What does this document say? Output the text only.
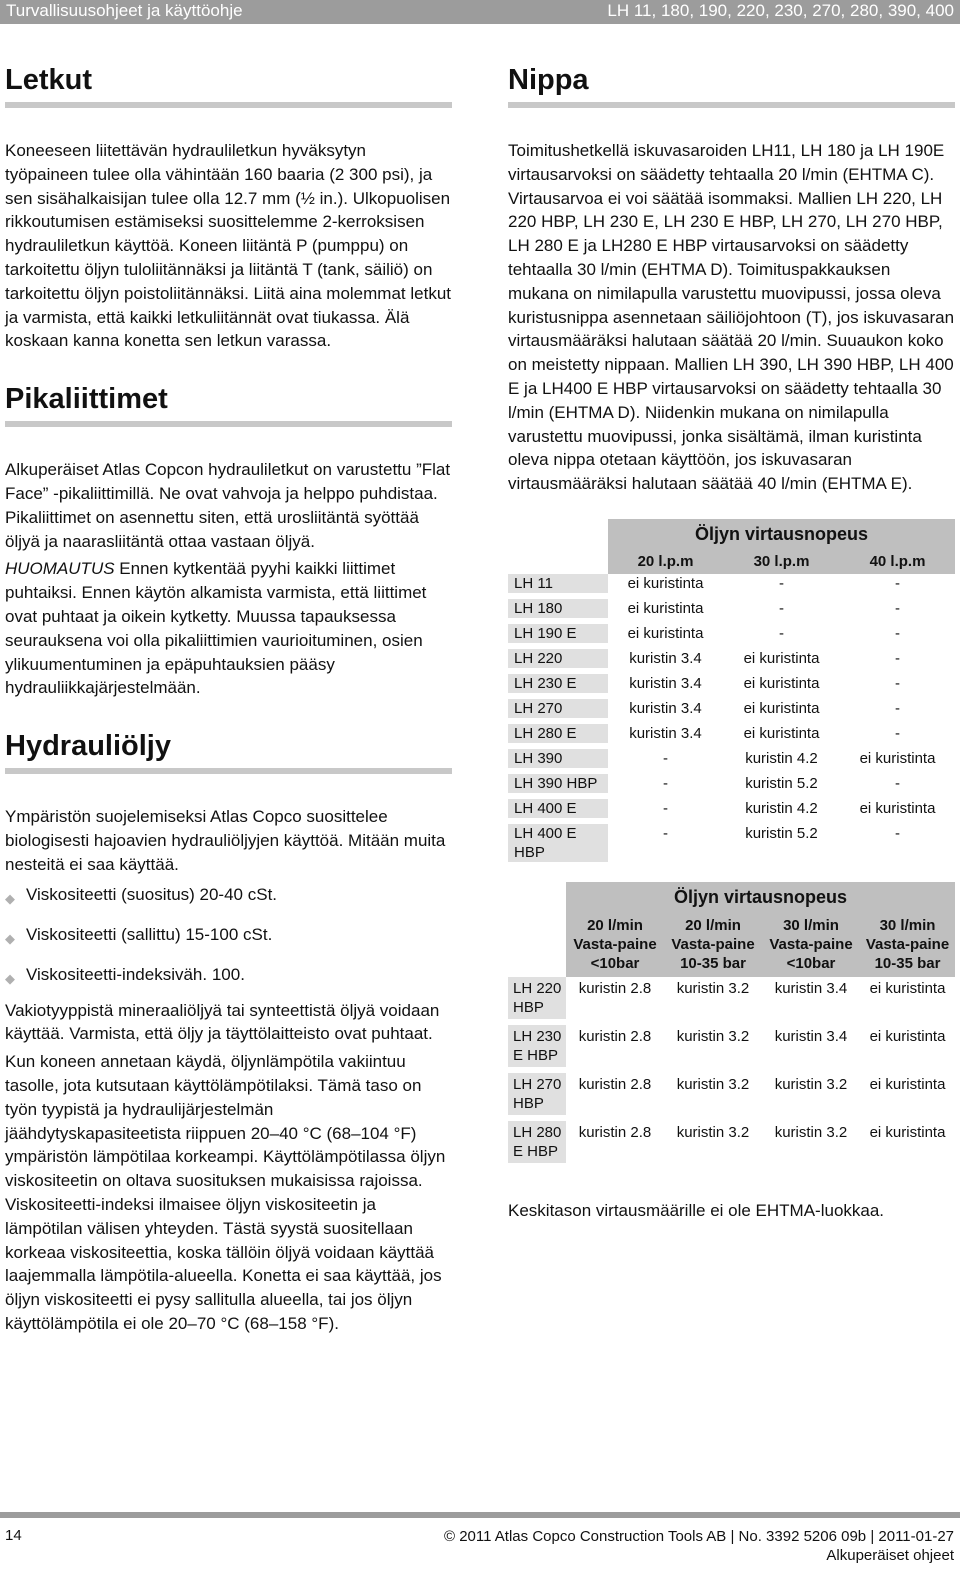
Turvallisuusohjeet ja käyttöohje	LH 11, 180, 190, 220, 230, 270, 280, 390, 400
Letkut

Koneeseen liitettävän hydrauliletkun hyväksytyn työpaineen tulee olla vähintään 160 baaria (2 300 psi), ja sen sisähalkaisijan tulee olla 12.7 mm (½ in.). Ulkopuolisen rikkoutumisen estämiseksi suosittelemme 2-kerroksisen hydrauliletkun käyttöä. Koneen liitäntä P (pumppu) on tarkoitettu öljyn tuloliitännäksi ja liitäntä T (tank, säiliö) on tarkoitettu öljyn poistoliitännäksi. Liitä aina molemmat letkut ja varmista, että kaikki letkuliitännät ovat tiukassa. Älä koskaan kanna konetta sen letkun varassa.

Pikaliittimet

Alkuperäiset Atlas Copcon hydrauliletkut on varustettu ”Flat Face” -pikaliittimillä. Ne ovat vahvoja ja helppo puhdistaa. Pikaliittimet on asennettu siten, että urosliitäntä syöttää öljyä ja naarasliitäntä ottaa vastaan öljyä.

HUOMAUTUS Ennen kytkentää pyyhi kaikki liittimet puhtaiksi. Ennen käytön alkamista varmista, että liittimet ovat puhtaat ja oikein kytketty. Muussa tapauksessa seurauksena voi olla pikaliittimien vaurioituminen, osien ylikuumentuminen ja epäpuhtauksien pääsy hydrauliikkajärjestelmään.

Hydrauliöljy

Ympäristön suojelemiseksi Atlas Copco suosittelee biologisesti hajoavien hydrauliöljyjen käyttöä. Mitään muita nesteitä ei saa käyttää.

◆ Viskositeetti (suositus) 20-40 cSt.
◆ Viskositeetti (sallittu) 15-100 cSt.
◆ Viskositeetti-indeksiväh. 100.

Vakiotyyppistä mineraaliöljyä tai synteettistä öljyä voidaan käyttää. Varmista, että öljy ja täyttölaitteisto ovat puhtaat.

Kun koneen annetaan käydä, öljynlämpötila vakiintuu tasolle, jota kutsutaan käyttölämpötilaksi. Tämä taso on työn tyypistä ja hydraulijärjestelmän jäähdytyskapasiteetista riippuen 20–40 °C (68–104 °F) ympäristön lämpötilaa korkeampi. Käyttölämpötilassa öljyn viskositeetin on oltava suosituksen mukaisissa rajoissa. Viskositeetti-indeksi ilmaisee öljyn viskositeetin ja lämpötilan välisen yhteyden. Tästä syystä suositellaan korkeaa viskositeettia, koska tällöin öljyä voidaan käyttää laajemmalla lämpötila-alueella. Konetta ei saa käyttää, jos öljyn viskositeetti ei pysy sallitulla alueella, tai jos öljyn käyttölämpötila ei ole 20–70 °C (68–158 °F).

Nippa

Toimitushetkellä iskuvasaroiden LH11, LH 180 ja LH 190E virtausarvoksi on säädetty tehtaalla 20 l/min (EHTMA C). Virtausarvoa ei voi säätää isommaksi. Mallien LH 220, LH 220 HBP, LH 230 E, LH 230 E HBP, LH 270, LH 270 HBP, LH 280 E ja LH280 E HBP virtausarvoksi on säädetty tehtaalla 30 l/min (EHTMA D). Toimituspakkauksen mukana on nimilapulla varustettu muovipussi, jossa oleva kuristusnippa asennetaan säiliöjohtoon (T), jos iskuvasaran virtausmääräksi halutaan säätää 20 l/min. Suuaukon koko on meistetty nippaan. Mallien LH 390, LH 390 HBP, LH 400 E ja LH400 E HBP virtausarvoksi on säädetty tehtaalla 30 l/min (EHTMA D). Niidenkin mukana on nimilapulla varustettu muovipussi, jonka sisältämä, ilman kuristinta oleva nippa otetaan käyttöön, jos iskuvasaran virtausmääräksi halutaan säätää 40 l/min (EHTMA E).

	Öljyn virtausnopeus		
	20 l.p.m	30 l.p.m	40 l.p.m
LH 11	ei kuristinta	-	-
LH 180	ei kuristinta	-	-
LH 190 E	ei kuristinta	-	-
LH 220	kuristin 3.4	ei kuristinta	-
LH 230 E	kuristin 3.4	ei kuristinta	-
LH 270	kuristin 3.4	ei kuristinta	-
LH 280 E	kuristin 3.4	ei kuristinta	-
LH 390	-	kuristin 4.2	ei kuristinta
LH 390 HBP	-	kuristin 5.2	-
LH 400 E	-	kuristin 4.2	ei kuristinta
LH 400 E HBP	-	kuristin 5.2	-
	Öljyn virtausnopeus			
	20 l/min Vasta-paine <10bar	20 l/min Vasta-paine 10-35 bar	30 l/min Vasta-paine <10bar	30 l/min Vasta-paine 10-35 bar
LH 220 HBP	kuristin 2.8	kuristin 3.2	kuristin 3.4	ei kuristinta
LH 230 E HBP	kuristin 2.8	kuristin 3.2	kuristin 3.4	ei kuristinta
LH 270 HBP	kuristin 2.8	kuristin 3.2	kuristin 3.2	ei kuristinta
LH 280 E HBP	kuristin 2.8	kuristin 3.2	kuristin 3.2	ei kuristinta

Keskitason virtausmäärille ei ole EHTMA-luokkaa.

14	© 2011 Atlas Copco Construction Tools AB | No. 3392 5206 09b | 2011-01-27
Alkuperäiset ohjeet
